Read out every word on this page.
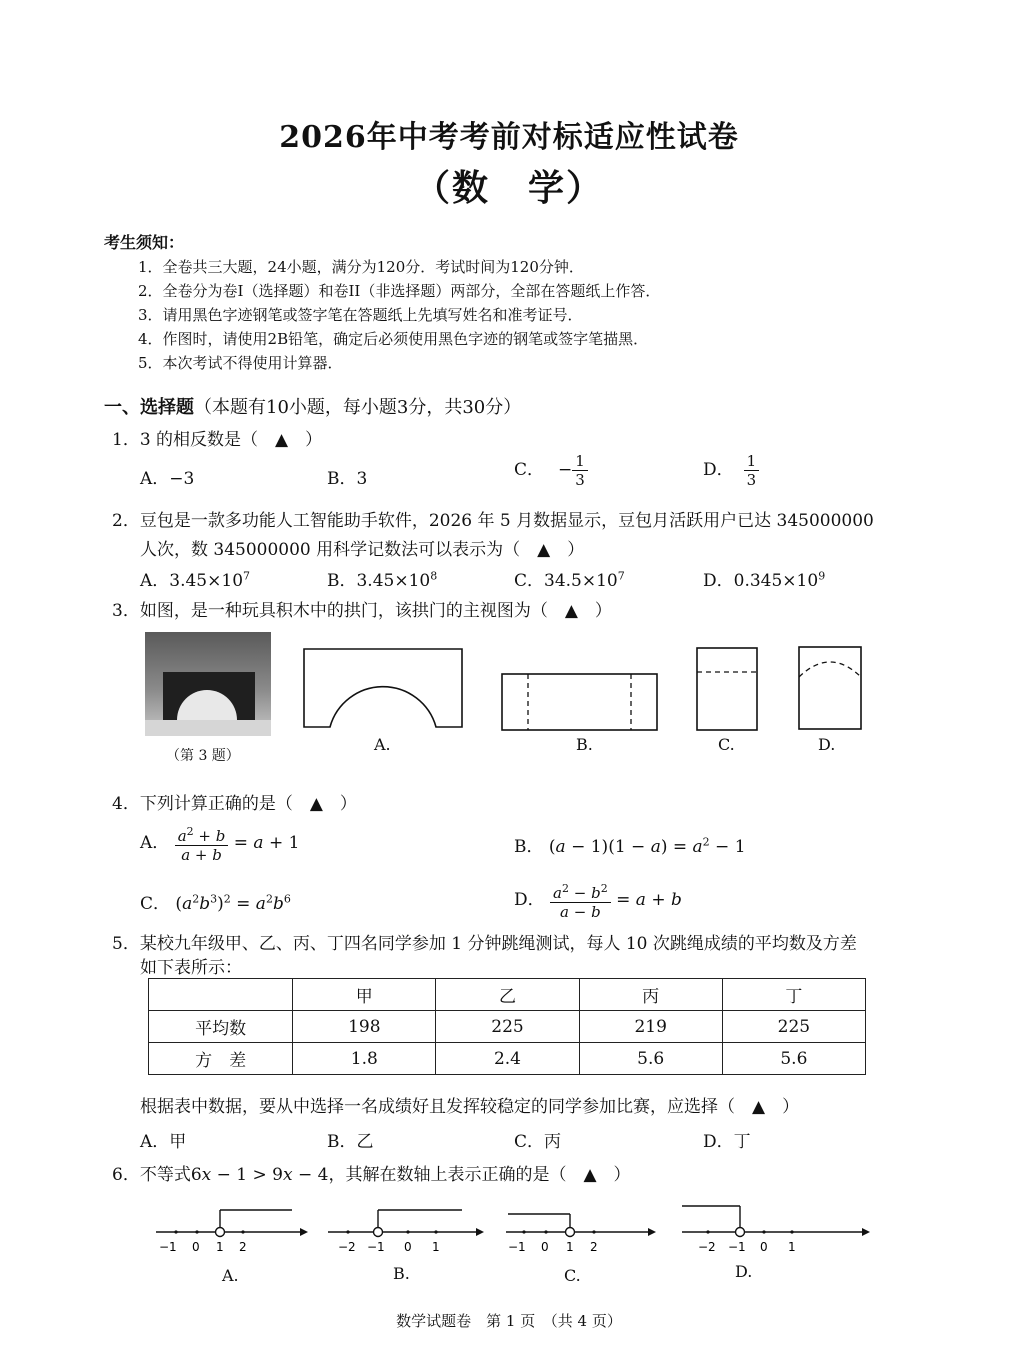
2026年中考考前对标适应性试卷
（数　学）
考生须知：
1．全卷共三大题，24小题，满分为120分．考试时间为120分钟．
2．全卷分为卷I（选择题）和卷II（非选择题）两部分，全部在答题纸上作答．
3．请用黑色字迹钢笔或签字笔在答题纸上先填写姓名和准考证号．
4．作图时，请使用2B铅笔，确定后必须使用黑色字迹的钢笔或签字笔描黑．
5．本次考试不得使用计算器．
一、选择题（本题有10小题，每小题3分，共30分）
1．3 的相反数是（　▲　）
A．−3	B．3	C． − $\frac{1}{3}$	D． $\frac{1}{3}$
2．豆包是一款多功能人工智能助手软件，2026 年 5 月数据显示，豆包月活跃用户已达 345000000
人次，数 345000000 用科学记数法可以表示为（　▲　）
A．$3.45\times 10^7$	B．$3.45\times 10^8$	C．$34.5\times 10^7$	D．$0.345\times 10^9$
3．如图，是一种玩具积木中的拱门，该拱门的主视图为（　▲　）
（第 3 题）
A.	B.	C.	D.
4．下列计算正确的是（　▲　）
A． $\frac{a^2 + b}{a + b} = a + 1$	B． $(a - 1)(1 - a) = a^2 - 1$
C． $(a^2b^3)^2 = a^2b^6$	D． $\frac{a^2 - b^2}{a - b} = a + b$
5．某校九年级甲、乙、丙、丁四名同学参加 1 分钟跳绳测试，每人 10 次跳绳成绩的平均数及方差
如下表所示：
	甲	乙	丙	丁
平均数	198	225	219	225
方　差	1.8	2.4	5.6	5.6
根据表中数据，要从中选择一名成绩好且发挥较稳定的同学参加比赛，应选择（　▲　）
A．甲	B．乙	C．丙	D．丁
6．不等式6x − 1 > 9x − 4，其解在数轴上表示正确的是（　▲　）
−1 0 1 2
A.
−2 −1 0 1
B.
−1 0 1 2
C.
−2 −1 0 1
D.
数学试题卷　第 1 页　（共 4 页）
